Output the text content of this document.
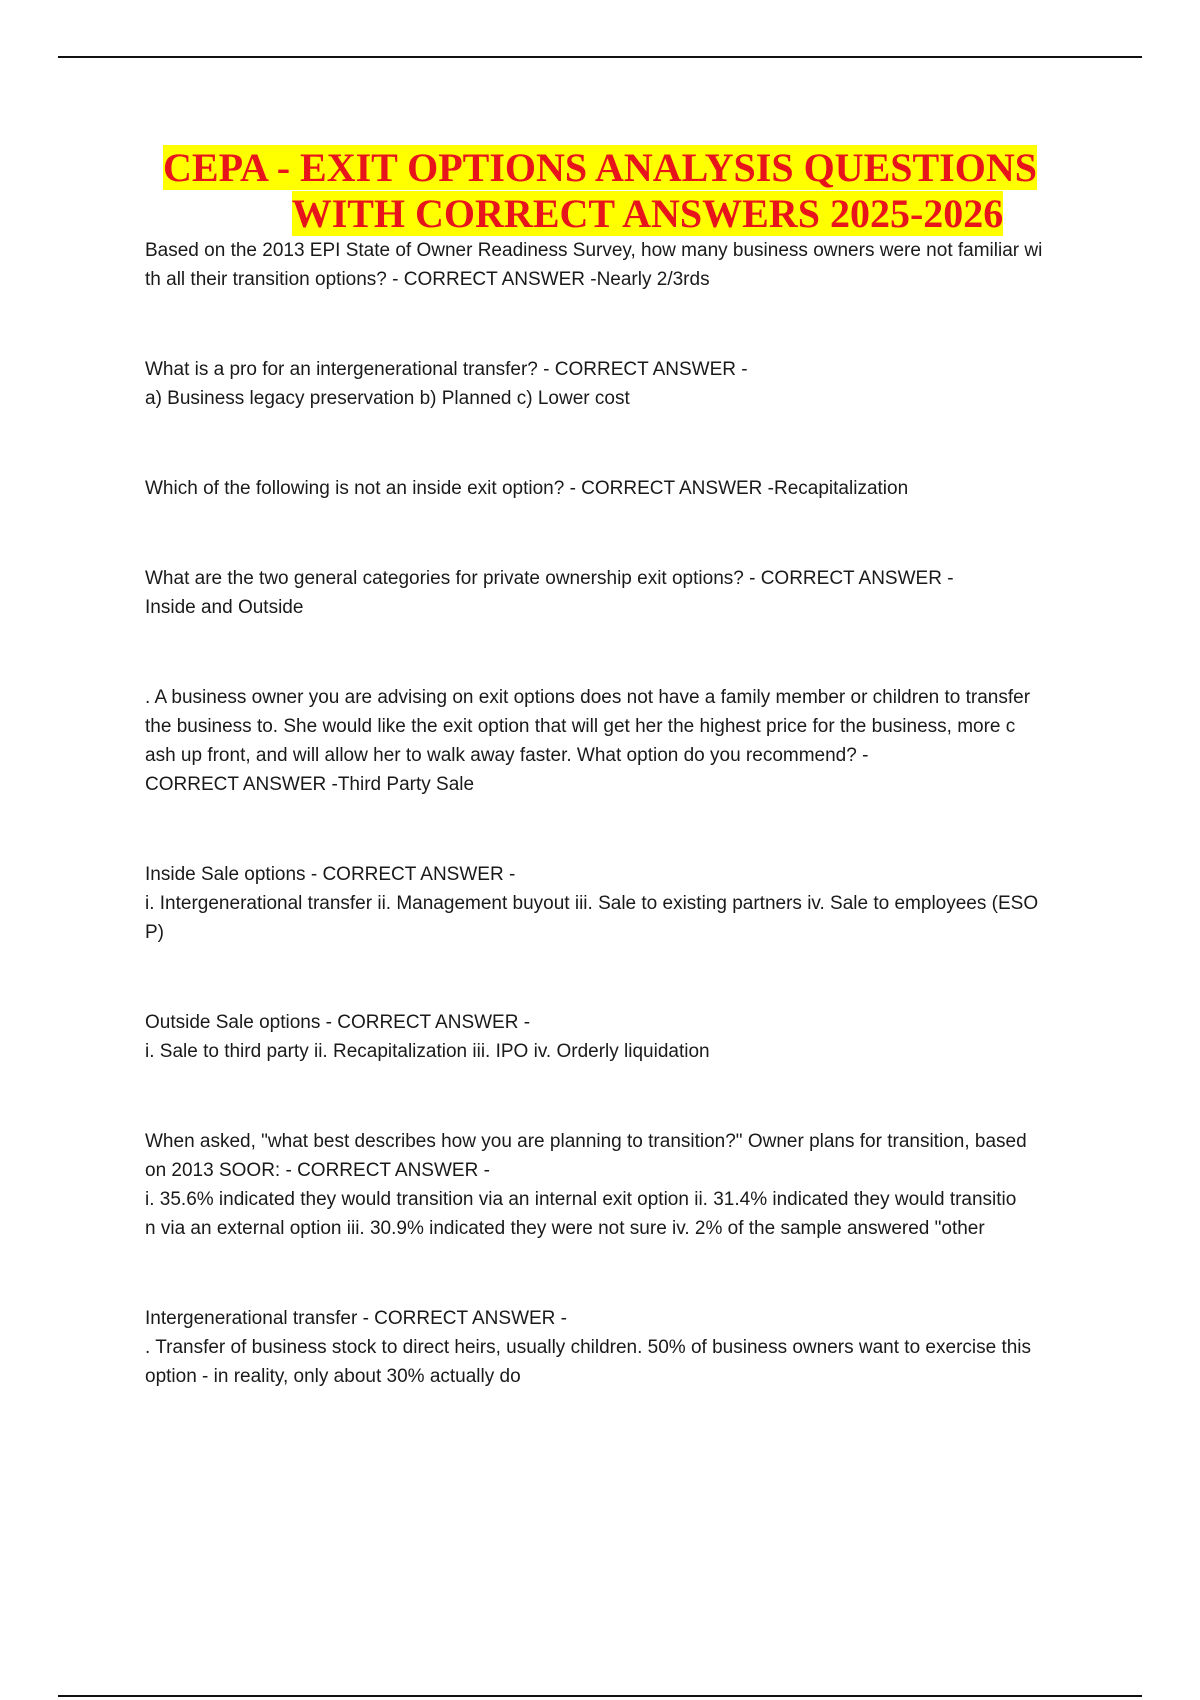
CEPA - EXIT OPTIONS ANALYSIS QUESTIONS
WITH CORRECT ANSWERS 2025-2026

Based on the 2013 EPI State of Owner Readiness Survey, how many business owners were not familiar wi

th all their transition options? - CORRECT ANSWER -Nearly 2/3rds

What is a pro for an intergenerational transfer? - CORRECT ANSWER -

a) Business legacy preservation b) Planned c) Lower cost

Which of the following is not an inside exit option? - CORRECT ANSWER -Recapitalization

What are the two general categories for private ownership exit options? - CORRECT ANSWER -

Inside and Outside

. A business owner you are advising on exit options does not have a family member or children to transfer

the business to. She would like the exit option that will get her the highest price for the business, more c

ash up front, and will allow her to walk away faster. What option do you recommend? -

CORRECT ANSWER -Third Party Sale

Inside Sale options - CORRECT ANSWER -

i. Intergenerational transfer ii. Management buyout iii. Sale to existing partners iv. Sale to employees (ESO

P)

Outside Sale options - CORRECT ANSWER -

i. Sale to third party ii. Recapitalization iii. IPO iv. Orderly liquidation

When asked, "what best describes how you are planning to transition?" Owner plans for transition, based

on 2013 SOOR: - CORRECT ANSWER -

i. 35.6% indicated they would transition via an internal exit option ii. 31.4% indicated they would transitio

n via an external option iii. 30.9% indicated they were not sure iv. 2% of the sample answered "other

Intergenerational transfer - CORRECT ANSWER -

. Transfer of business stock to direct heirs, usually children. 50% of business owners want to exercise this

option - in reality, only about 30% actually do
